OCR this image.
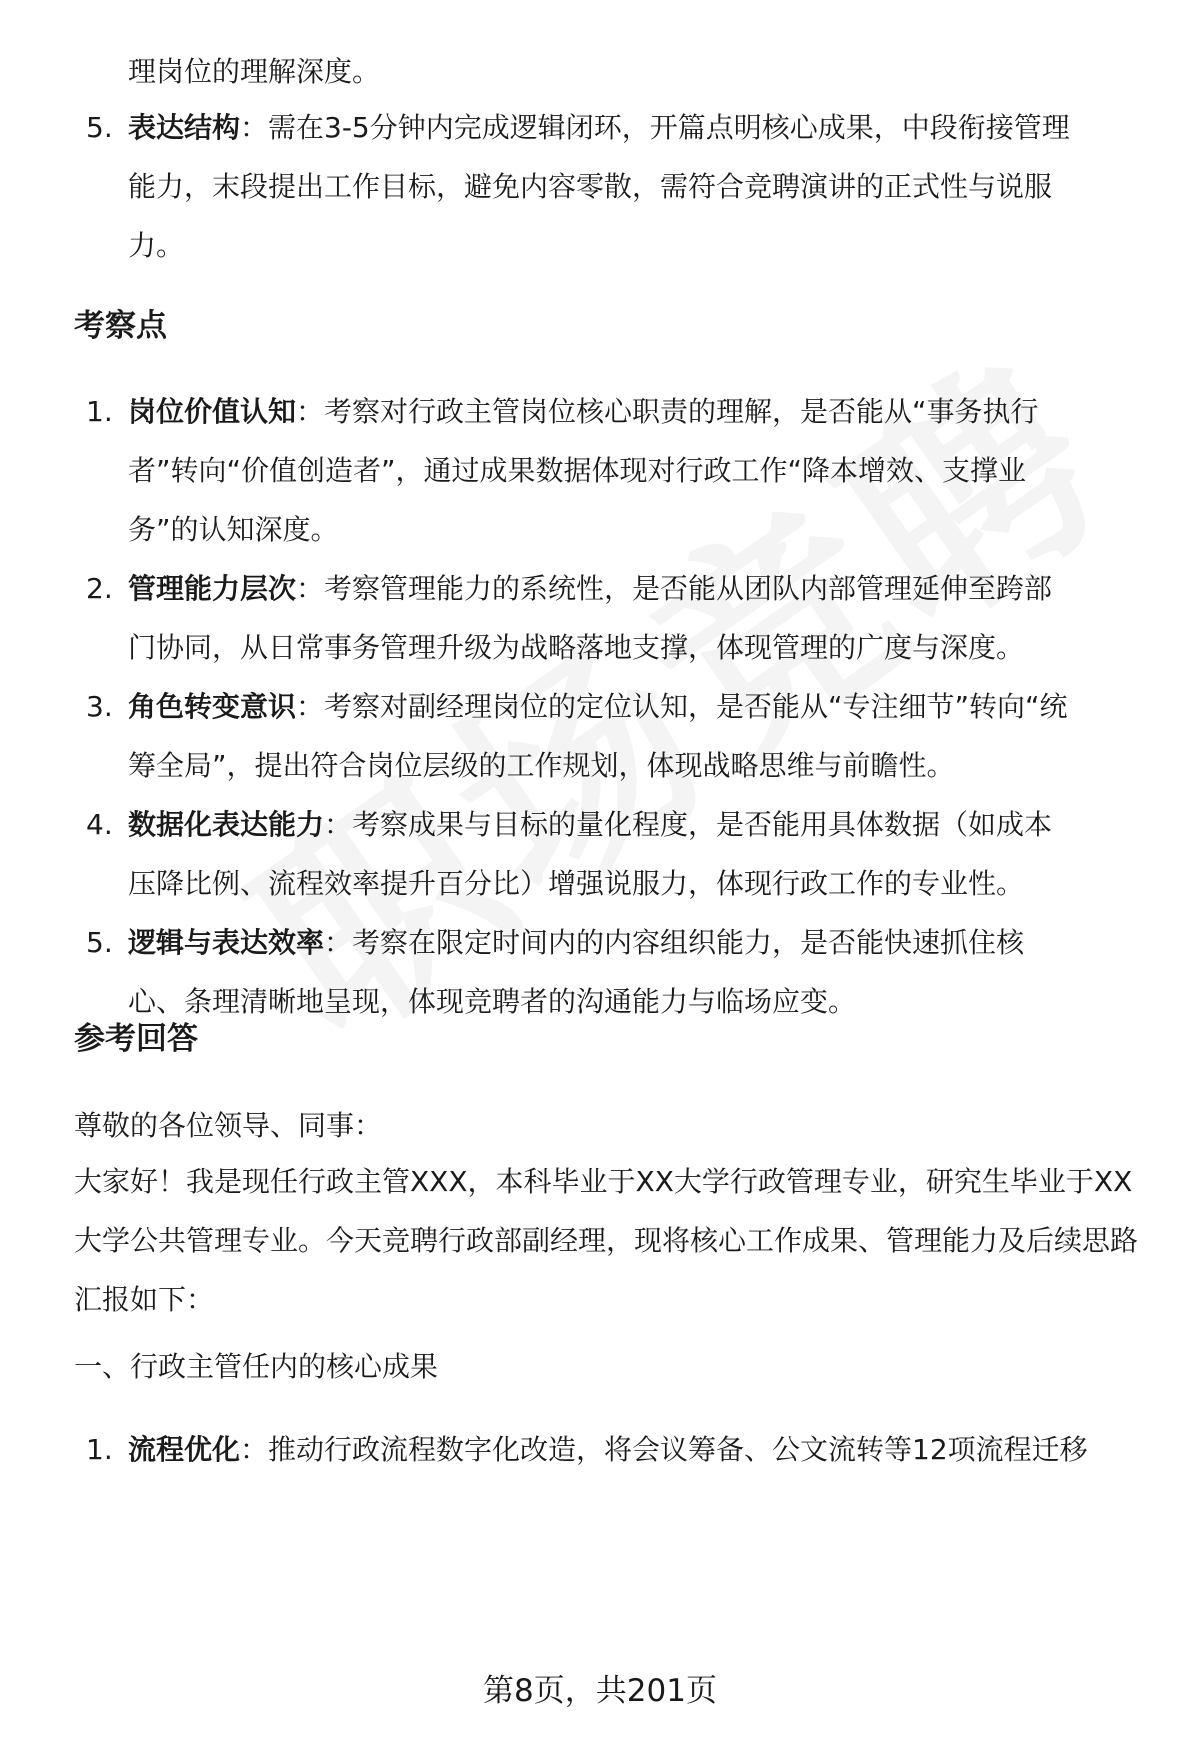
理岗位的理解深度。
5. 表达结构：需在3-5分钟内完成逻辑闭环，开篇点明核心成果，中段衔接管理能力，末段提出工作目标，避免内容零散，需符合竞聘演讲的正式性与说服力。
考察点
1. 岗位价值认知：考察对行政主管岗位核心职责的理解，是否能从“事务执行者”转向“价值创造者”，通过成果数据体现对行政工作“降本增效、支撑业务”的认知深度。
2. 管理能力层次：考察管理能力的系统性，是否能从团队内部管理延伸至跨部门协同，从日常事务管理升级为战略落地支撑，体现管理的广度与深度。
3. 角色转变意识：考察对副经理岗位的定位认知，是否能从“专注细节”转向“统筹全局”，提出符合岗位层级的工作规划，体现战略思维与前瞻性。
4. 数据化表达能力：考察成果与目标的量化程度，是否能用具体数据（如成本压降比例、流程效率提升百分比）增强说服力，体现行政工作的专业性。
5. 逻辑与表达效率：考察在限定时间内的内容组织能力，是否能快速抓住核心、条理清晰地呈现，体现竞聘者的沟通能力与临场应变。
参考回答
尊敬的各位领导、同事：
大家好！我是现任行政主管XXX，本科毕业于XX大学行政管理专业，研究生毕业于XX大学公共管理专业。今天竞聘行政部副经理，现将核心工作成果、管理能力及后续思路汇报如下：
一、行政主管任内的核心成果
1. 流程优化：推动行政流程数字化改造，将会议筹备、公文流转等12项流程迁移
第8页，共201页
